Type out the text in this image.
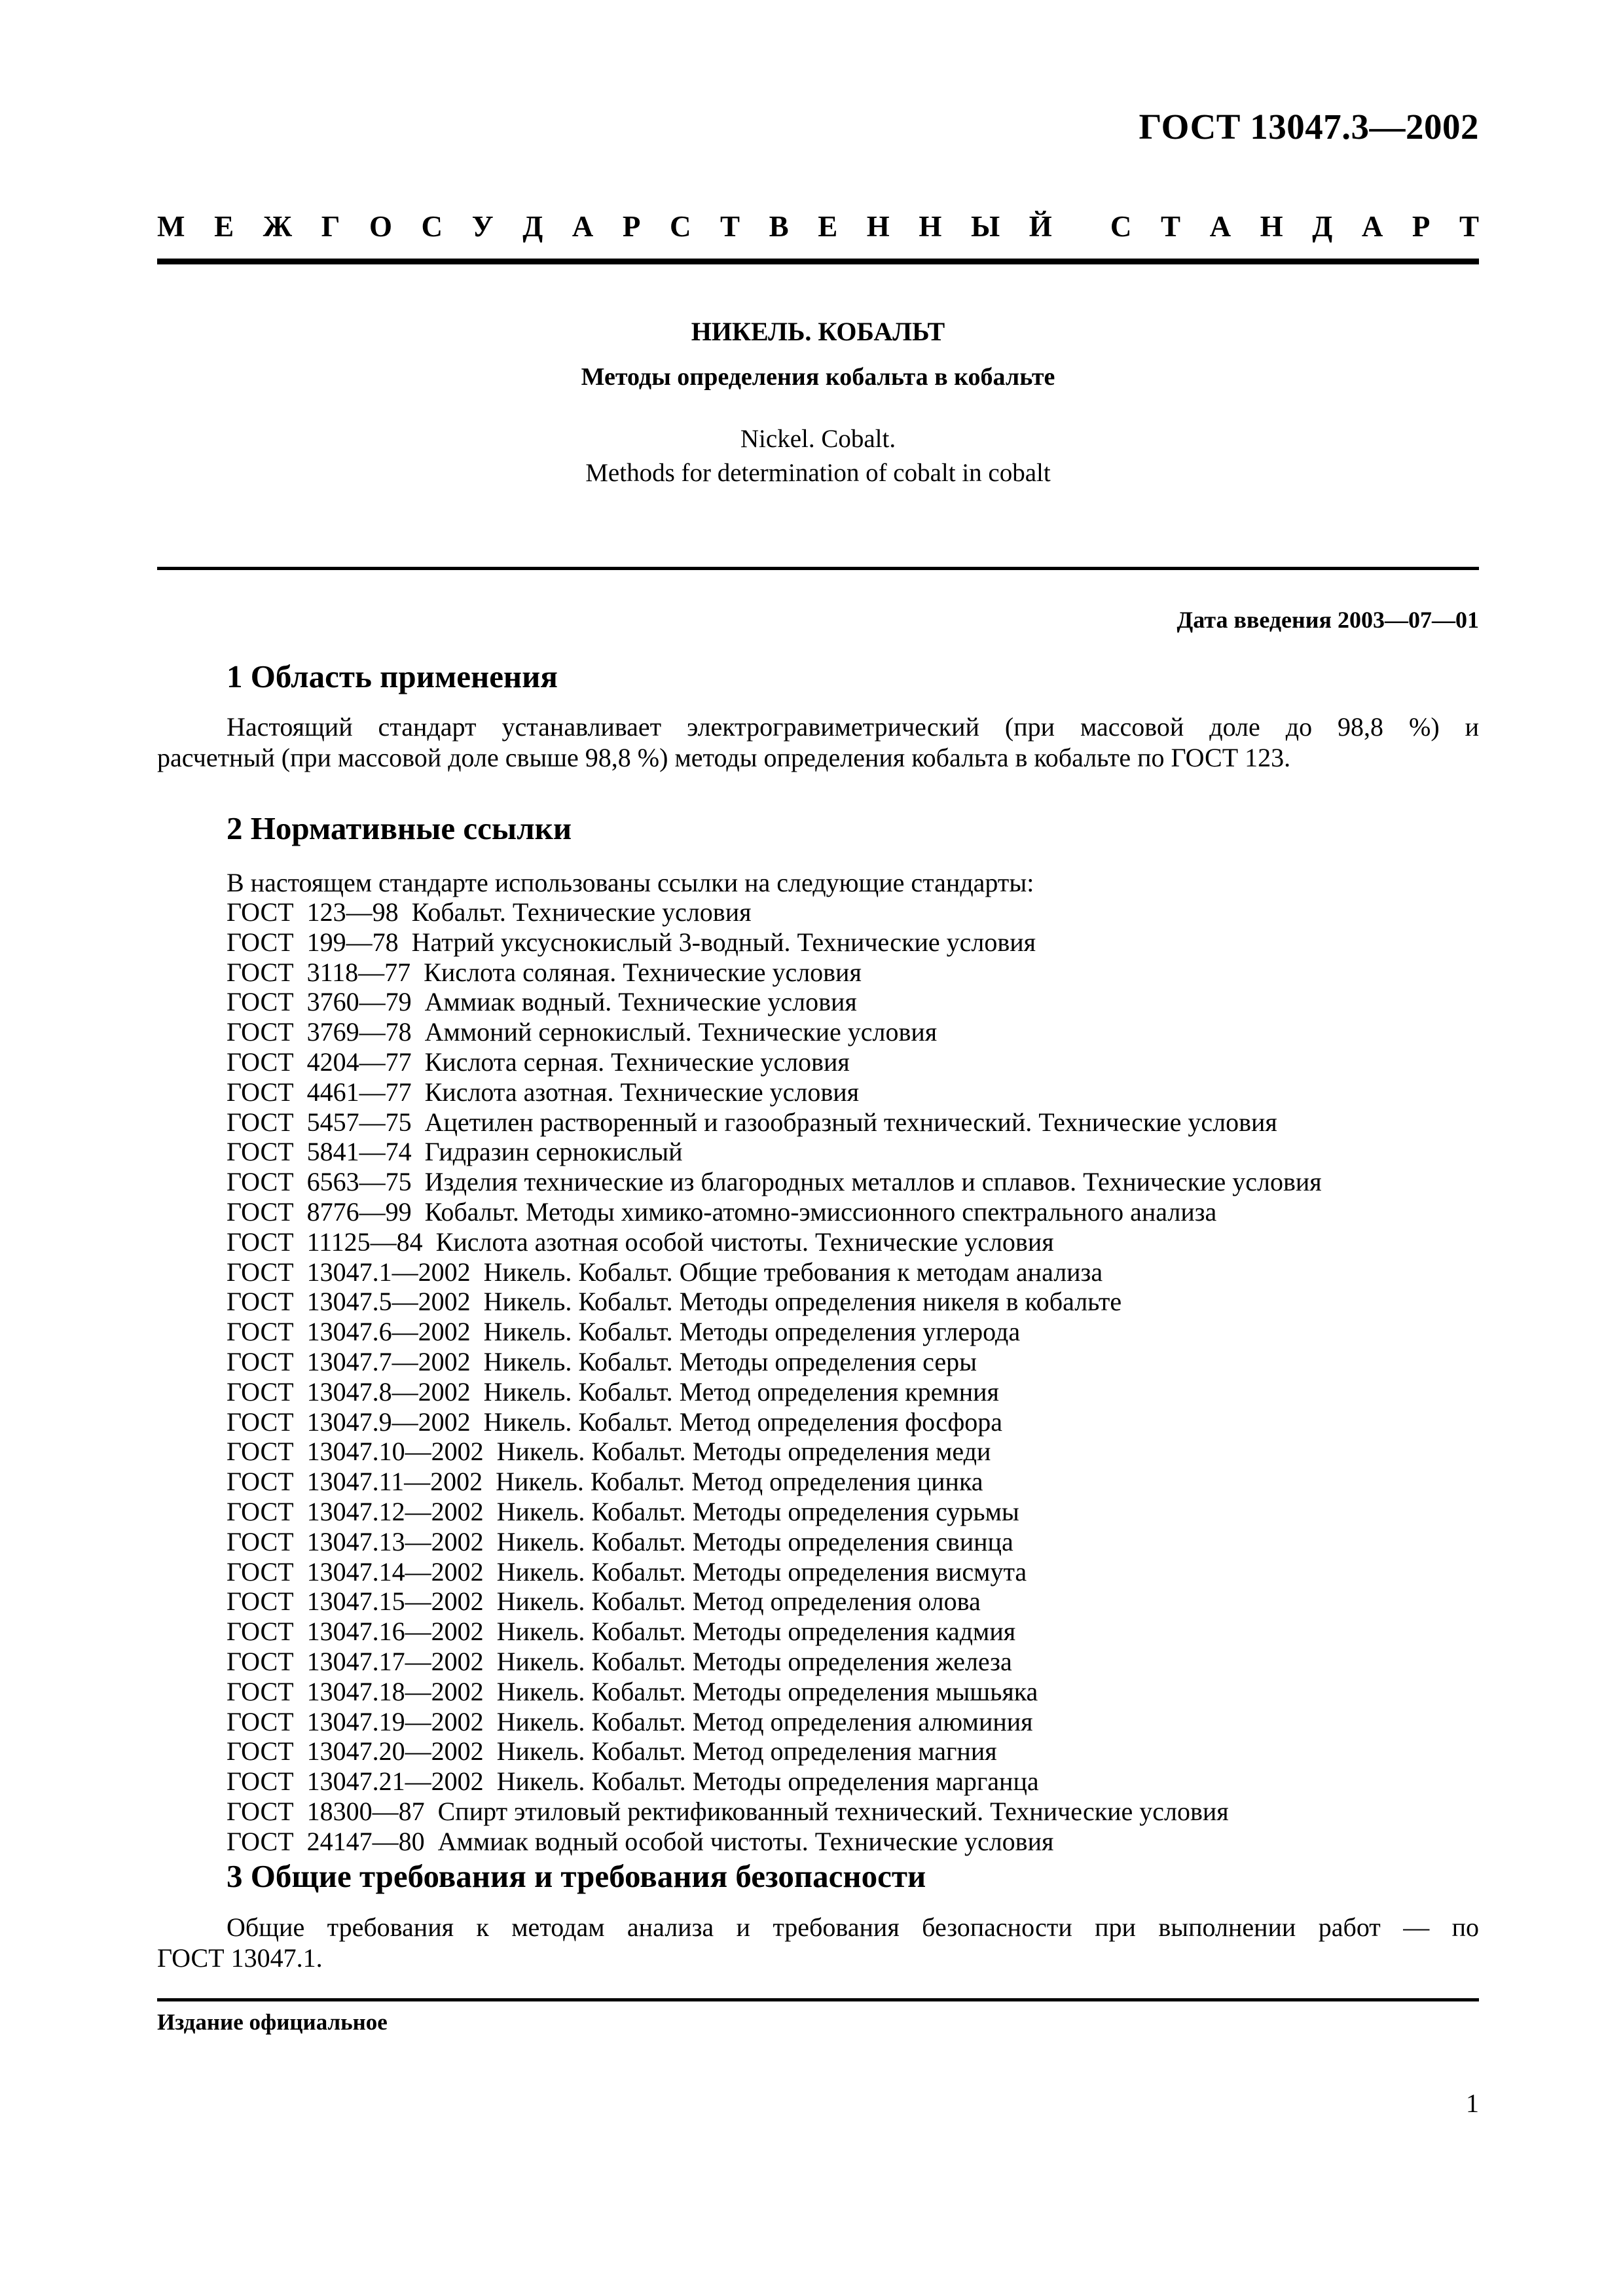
ГОСТ 13047.3—2002
М Е Ж Г О С У Д А Р С Т В Е Н Н Ы Й С Т А Н Д А Р Т
НИКЕЛЬ. КОБАЛЬТ
Методы определения кобальта в кобальте
Nickel. Cobalt.
Methods for determination of cobalt in cobalt
Дата введения 2003—07—01
1 Область применения
Настоящий стандарт устанавливает электрогравиметрический (при массовой доле до 98,8 %) и
расчетный (при массовой доле свыше 98,8 %) методы определения кобальта в кобальте по ГОСТ 123.
2 Нормативные ссылки
В настоящем стандарте использованы ссылки на следующие стандарты:
ГОСТ  123—98  Кобальт. Технические условия
ГОСТ  199—78  Натрий уксуснокислый 3-водный. Технические условия
ГОСТ  3118—77  Кислота соляная. Технические условия
ГОСТ  3760—79  Аммиак водный. Технические условия
ГОСТ  3769—78  Аммоний сернокислый. Технические условия
ГОСТ  4204—77  Кислота серная. Технические условия
ГОСТ  4461—77  Кислота азотная. Технические условия
ГОСТ  5457—75  Ацетилен растворенный и газообразный технический. Технические условия
ГОСТ  5841—74  Гидразин сернокислый
ГОСТ  6563—75  Изделия технические из благородных металлов и сплавов. Технические условия
ГОСТ  8776—99  Кобальт. Методы химико-атомно-эмиссионного спектрального анализа
ГОСТ  11125—84  Кислота азотная особой чистоты. Технические условия
ГОСТ  13047.1—2002  Никель. Кобальт. Общие требования к методам анализа
ГОСТ  13047.5—2002  Никель. Кобальт. Методы определения никеля в кобальте
ГОСТ  13047.6—2002  Никель. Кобальт. Методы определения углерода
ГОСТ  13047.7—2002  Никель. Кобальт. Методы определения серы
ГОСТ  13047.8—2002  Никель. Кобальт. Метод определения кремния
ГОСТ  13047.9—2002  Никель. Кобальт. Метод определения фосфора
ГОСТ  13047.10—2002  Никель. Кобальт. Методы определения меди
ГОСТ  13047.11—2002  Никель. Кобальт. Метод определения цинка
ГОСТ  13047.12—2002  Никель. Кобальт. Методы определения сурьмы
ГОСТ  13047.13—2002  Никель. Кобальт. Методы определения свинца
ГОСТ  13047.14—2002  Никель. Кобальт. Методы определения висмута
ГОСТ  13047.15—2002  Никель. Кобальт. Метод определения олова
ГОСТ  13047.16—2002  Никель. Кобальт. Методы определения кадмия
ГОСТ  13047.17—2002  Никель. Кобальт. Методы определения железа
ГОСТ  13047.18—2002  Никель. Кобальт. Методы определения мышьяка
ГОСТ  13047.19—2002  Никель. Кобальт. Метод определения алюминия
ГОСТ  13047.20—2002  Никель. Кобальт. Метод определения магния
ГОСТ  13047.21—2002  Никель. Кобальт. Методы определения марганца
ГОСТ  18300—87  Спирт этиловый ректификованный технический. Технические условия
ГОСТ  24147—80  Аммиак водный особой чистоты. Технические условия
3 Общие требования и требования безопасности
Общие требования к методам анализа и требования безопасности при выполнении работ — по
ГОСТ 13047.1.
Издание официальное
1
